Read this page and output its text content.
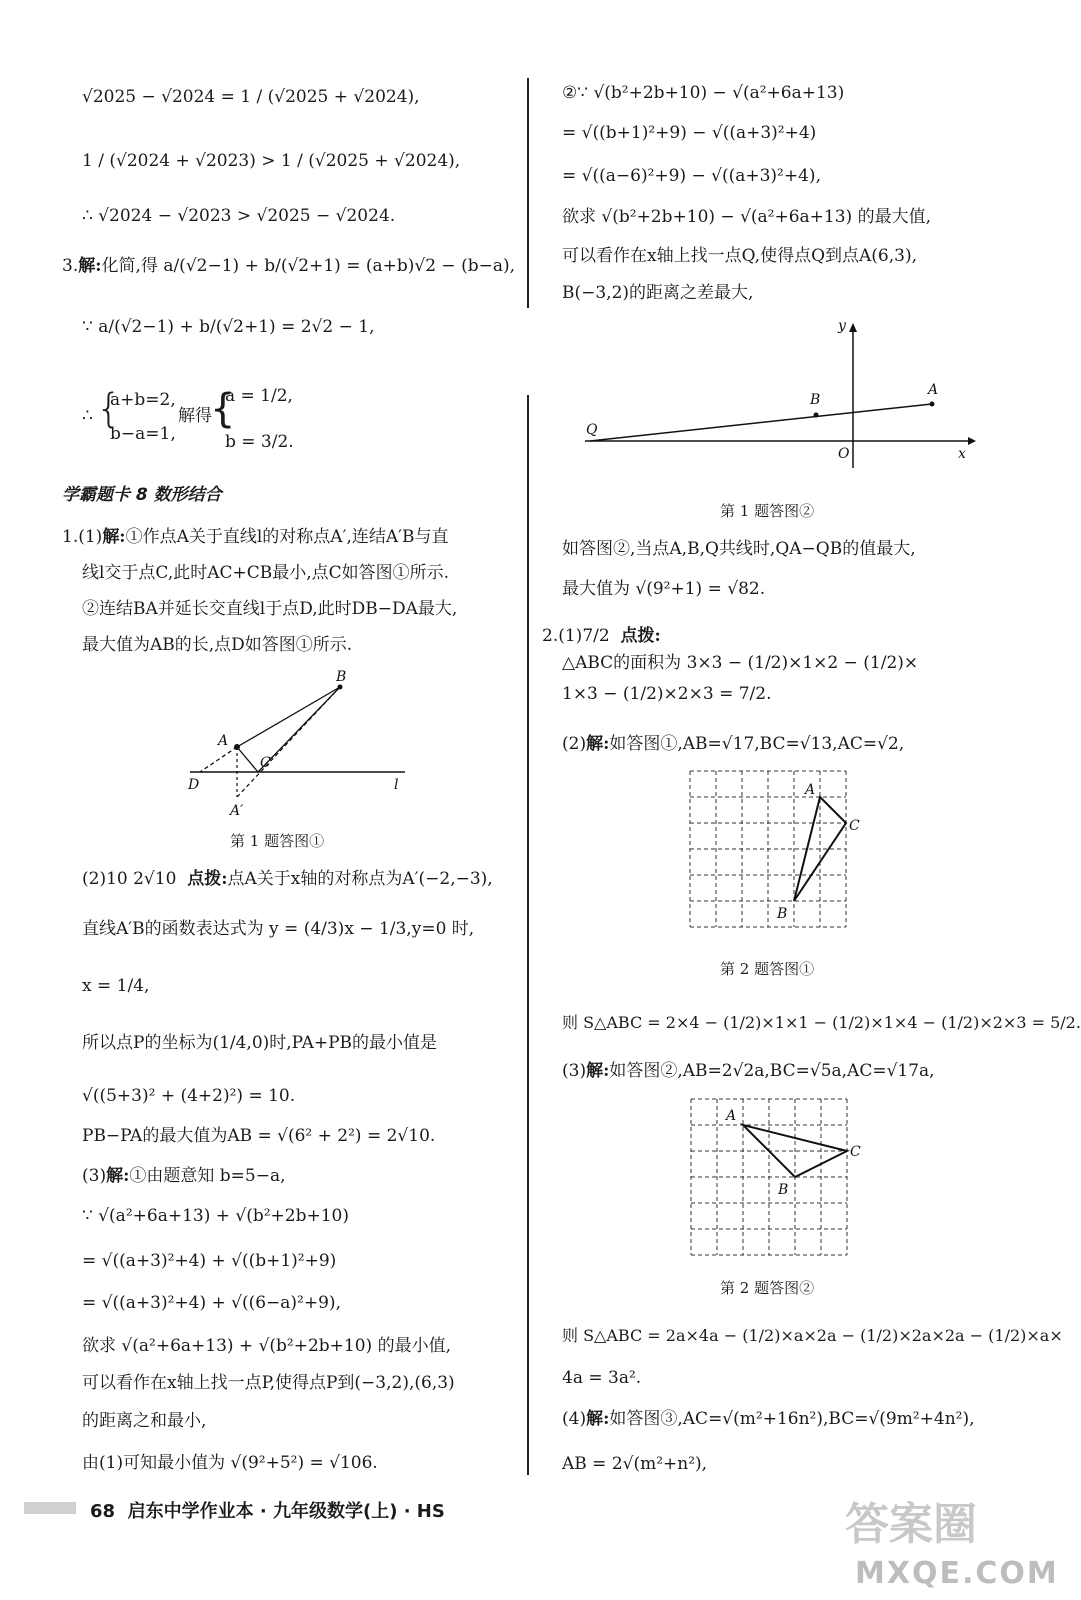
√2025 − √2024 = 1 / (√2025 + √2024),
1 / (√2024 + √2023) > 1 / (√2025 + √2024),
∴ √2024 − √2023 > √2025 − √2024.
3.解:化简,得 a/(√2−1) + b/(√2+1) = (a+b)√2 − (b−a),
∵ a/(√2−1) + b/(√2+1) = 2√2 − 1,
∴ {
a+b=2,
b−a=1,
解得
{
a = 1/2,
b = 3/2.
学霸题卡 8 数形结合
1.(1)解:①作点A关于直线l的对称点A′,连结A′B与直
线l交于点C,此时AC+CB最小,点C如答图①所示.
②连结BA并延长交直线l于点D,此时DB−DA最大,
最大值为AB的长,点D如答图①所示.
B
A
C
D
A′
l
第 1 题答图①
(2)10 2√10 点拨:点A关于x轴的对称点为A′(−2,−3),
直线A′B的函数表达式为 y = (4/3)x − 1/3,y=0 时,
x = 1/4,
所以点P的坐标为(1/4,0)时,PA+PB的最小值是
√((5+3)² + (4+2)²) = 10.
PB−PA的最大值为AB = √(6² + 2²) = 2√10.
(3)解:①由题意知 b=5−a,
∵ √(a²+6a+13) + √(b²+2b+10)
= √((a+3)²+4) + √((b+1)²+9)
= √((a+3)²+4) + √((6−a)²+9),
欲求 √(a²+6a+13) + √(b²+2b+10) 的最小值,
可以看作在x轴上找一点P,使得点P到(−3,2),(6,3)
的距离之和最小,
由(1)可知最小值为 √(9²+5²) = √106.
②∵ √(b²+2b+10) − √(a²+6a+13)
= √((b+1)²+9) − √((a+3)²+4)
= √((a−6)²+9) − √((a+3)²+4),
欲求 √(b²+2b+10) − √(a²+6a+13) 的最大值,
可以看作在x轴上找一点Q,使得点Q到点A(6,3),
B(−3,2)的距离之差最大,
y
x
O
A
B
Q
第 1 题答图②
如答图②,当点A,B,Q共线时,QA−QB的值最大,
最大值为 √(9²+1) = √82.
2.(1)7/2 点拨:
△ABC的面积为 3×3 − (1/2)×1×2 − (1/2)×
1×3 − (1/2)×2×3 = 7/2.
(2)解:如答图①,AB=√17,BC=√13,AC=√2,
A
C
B
第 2 题答图①
则 S△ABC = 2×4 − (1/2)×1×1 − (1/2)×1×4 − (1/2)×2×3 = 5/2.
(3)解:如答图②,AB=2√2a,BC=√5a,AC=√17a,
A
C
B
第 2 题答图②
则 S△ABC = 2a×4a − (1/2)×a×2a − (1/2)×2a×2a − (1/2)×a×
4a = 3a².
(4)解:如答图③,AC=√(m²+16n²),BC=√(9m²+4n²),
AB = 2√(m²+n²),
68 启东中学作业本 · 九年级数学(上) · HS	答案圈
MXQE.COM
